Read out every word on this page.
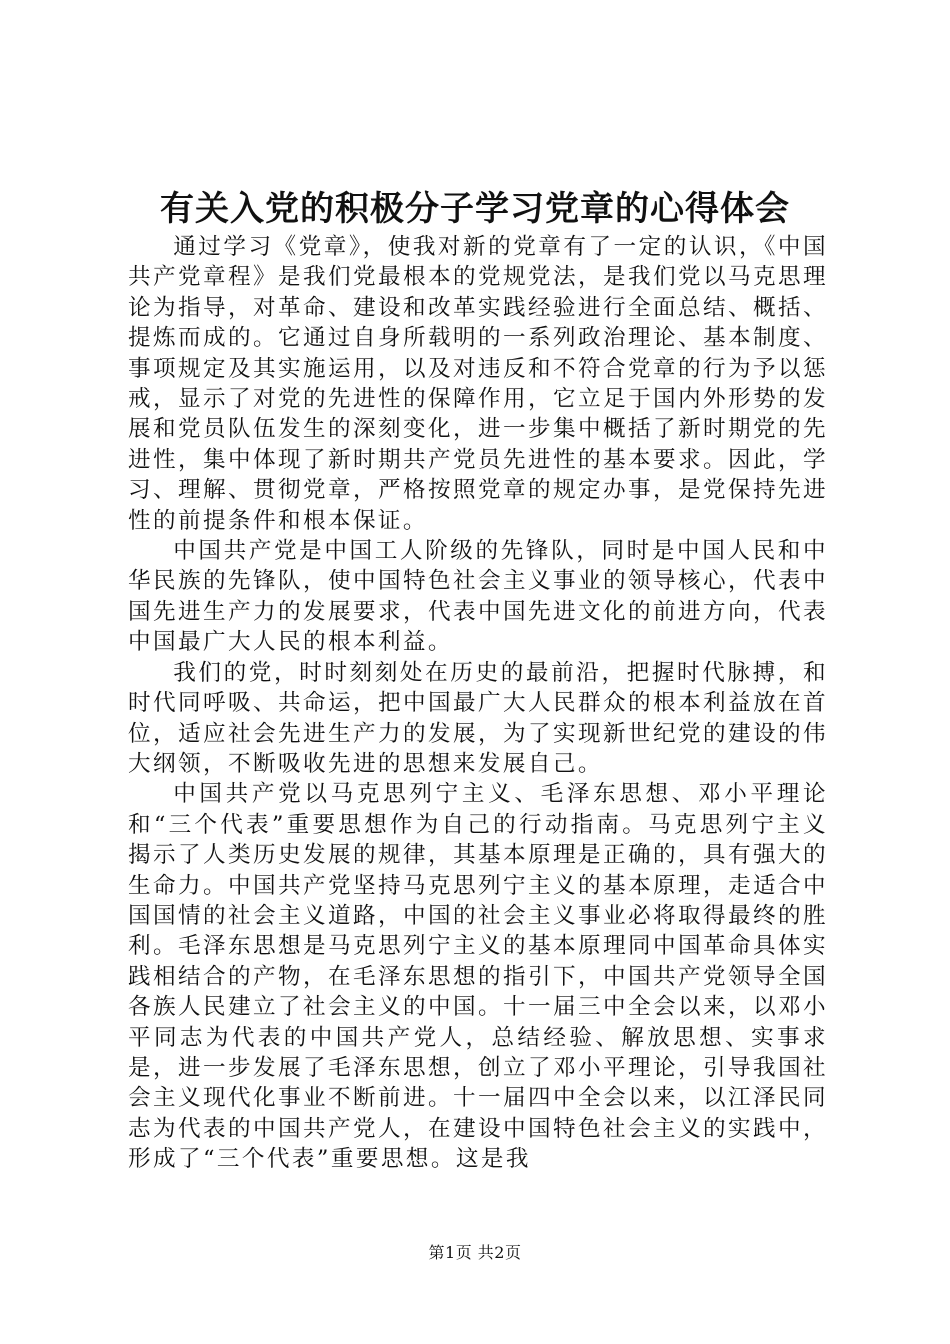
有关入党的积极分子学习党章的心得体会

通过学习《党章》，使我对新的党章有了一定的认识，《中国共产党章程》是我们党最根本的党规党法，是我们党以马克思理论为指导，对革命、建设和改革实践经验进行全面总结、概括、提炼而成的。它通过自身所载明的一系列政治理论、基本制度、事项规定及其实施运用，以及对违反和不符合党章的行为予以惩戒，显示了对党的先进性的保障作用，它立足于国内外形势的发展和党员队伍发生的深刻变化，进一步集中概括了新时期党的先进性，集中体现了新时期共产党员先进性的基本要求。因此，学习、理解、贯彻党章，严格按照党章的规定办事，是党保持先进性的前提条件和根本保证。

中国共产党是中国工人阶级的先锋队，同时是中国人民和中华民族的先锋队，使中国特色社会主义事业的领导核心，代表中国先进生产力的发展要求，代表中国先进文化的前进方向，代表中国最广大人民的根本利益。

我们的党，时时刻刻处在历史的最前沿，把握时代脉搏，和时代同呼吸、共命运，把中国最广大人民群众的根本利益放在首位，适应社会先进生产力的发展，为了实现新世纪党的建设的伟大纲领，不断吸收先进的思想来发展自己。

中国共产党以马克思列宁主义、毛泽东思想、邓小平理论和“三个代表”重要思想作为自己的行动指南。马克思列宁主义揭示了人类历史发展的规律，其基本原理是正确的，具有强大的生命力。中国共产党坚持马克思列宁主义的基本原理，走适合中国国情的社会主义道路，中国的社会主义事业必将取得最终的胜利。毛泽东思想是马克思列宁主义的基本原理同中国革命具体实践相结合的产物，在毛泽东思想的指引下，中国共产党领导全国各族人民建立了社会主义的中国。十一届三中全会以来，以邓小平同志为代表的中国共产党人，总结经验、解放思想、实事求是，进一步发展了毛泽东思想，创立了邓小平理论，引导我国社会主义现代化事业不断前进。十一届四中全会以来，以江泽民同志为代表的中国共产党人，在建设中国特色社会主义的实践中，形成了“三个代表”重要思想。这是我

第1页 共2页
